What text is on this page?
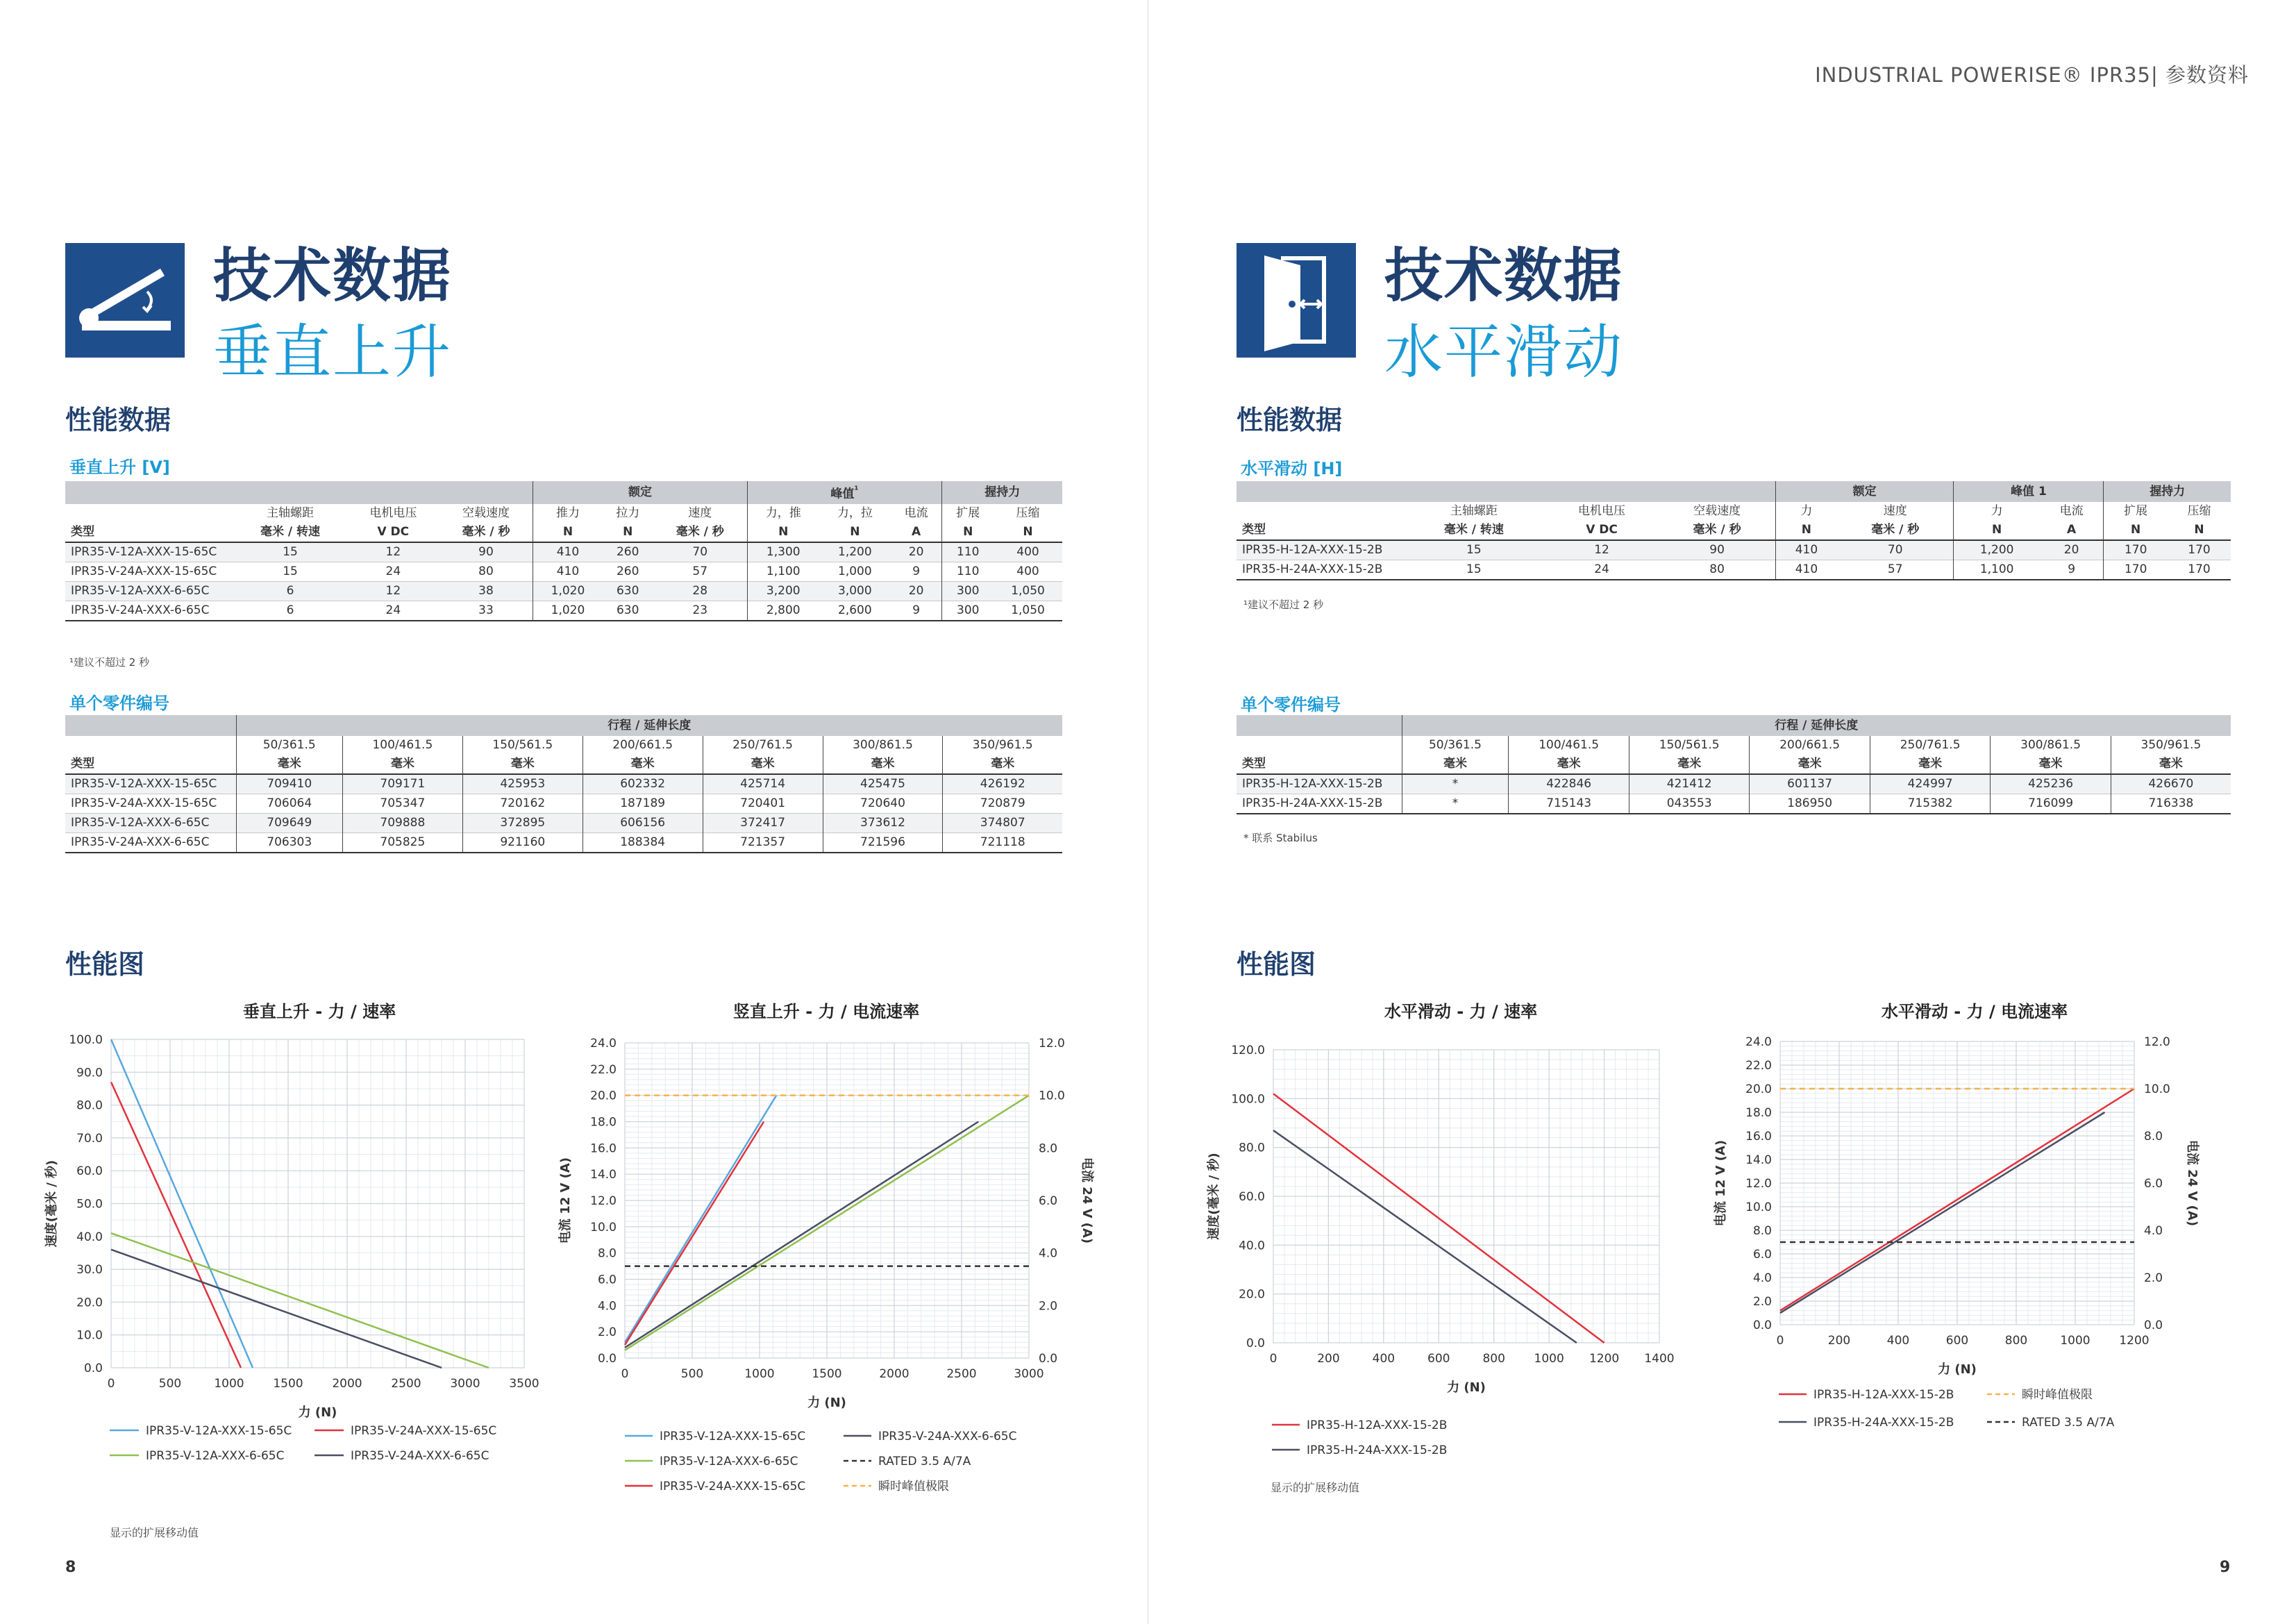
技术数据
垂直上升
性能数据
垂直上升 [V]
				额定			峰值$^{^1}$			握持力	
	主轴螺距	电机电压	空载速度	推力	拉力	速度	力，推	力，拉	电流	扩展	压缩
类型	毫米 / 转速	V DC	毫米 / 秒	N	N	毫米 / 秒	N	N	A	N	N
IPR35-V-12A-XXX-15-65C	15	12	90	410	260	70	1,300	1,200	20	110	400
IPR35-V-24A-XXX-15-65C	15	24	80	410	260	57	1,100	1,000	9	110	400
IPR35-V-12A-XXX-6-65C	6	12	38	1,020	630	28	3,200	3,000	20	300	1,050
IPR35-V-24A-XXX-6-65C	6	24	33	1,020	630	23	2,800	2,600	9	300	1,050
¹建议不超过 2 秒
单个零件编号
	行程 / 延伸长度						
	50/361.5	100/461.5	150/561.5	200/661.5	250/761.5	300/861.5	350/961.5
类型	毫米	毫米	毫米	毫米	毫米	毫米	毫米
IPR35-V-12A-XXX-15-65C	709410	709171	425953	602332	425714	425475	426192
IPR35-V-24A-XXX-15-65C	706064	705347	720162	187189	720401	720640	720879
IPR35-V-12A-XXX-6-65C	709649	709888	372895	606156	372417	373612	374807
IPR35-V-24A-XXX-6-65C	706303	705825	921160	188384	721357	721596	721118
性能图
垂直上升 - 力 / 速率
0	500	1000 1500 2000 2500 3000 3500
0.0
10.0
20.0
30.0
40.0
50.0
60.0
70.0
80.0
90.0
100.0
力 (N)
速度(毫米 / 秒)
IPR35-V-12A-XXX-15-65C	IPR35-V-24A-XXX-15-65C
IPR35-V-12A-XXX-6-65C	IPR35-V-24A-XXX-6-65C
竖直上升 - 力 / 电流速率
0	500	1000	1500	2000	2500	3000
0.0
2.0
4.0
6.0
8.0
10.0
12.0
14.0
16.0
18.0
20.0
22.0
24.0
0.0
2.0
4.0
6.0
8.0
10.0
12.0
力 (N)
电流 12 V (A)	电流 24 V (A)
IPR35-V-12A-XXX-15-65C	IPR35-V-24A-XXX-6-65C
IPR35-V-12A-XXX-6-65C	RATED 3.5 A/7A
IPR35-V-24A-XXX-15-65C	瞬时峰值极限
显示的扩展移动值
8
INDUSTRIAL POWERISE® IPR35| 参数资料
技术数据
水平滑动
性能数据
水平滑动 [H]
				额定		峰值 1		握持力	
	主轴螺距	电机电压	空载速度	力	速度	力	电流	扩展	压缩
类型	毫米 / 转速	V DC	毫米 / 秒	N	毫米 / 秒	N	A	N	N
IPR35-H-12A-XXX-15-2B	15	12	90	410	70	1,200	20	170	170
IPR35-H-24A-XXX-15-2B	15	24	80	410	57	1,100	9	170	170
¹建议不超过 2 秒
单个零件编号
	行程 / 延伸长度						
	50/361.5	100/461.5	150/561.5	200/661.5	250/761.5	300/861.5	350/961.5
类型	毫米	毫米	毫米	毫米	毫米	毫米	毫米
IPR35-H-12A-XXX-15-2B	*	422846	421412	601137	424997	425236	426670
IPR35-H-24A-XXX-15-2B	*	715143	043553	186950	715382	716099	716338
* 联系 Stabilus
性能图
水平滑动 - 力 / 速率
0	200	400	600	800 1000 1200 1400
0.0
20.0
40.0
60.0
80.0
100.0
120.0
力 (N)
速度(毫米 / 秒)
IPR35-H-12A-XXX-15-2B
IPR35-H-24A-XXX-15-2B
水平滑动 - 力 / 电流速率
0	200	400	600	800	1000 1200
0.0
2.0
4.0
6.0
8.0
10.0
12.0
14.0
16.0
18.0
20.0
22.0
24.0
0.0
2.0
4.0
6.0
8.0
10.0
12.0
力 (N)
电流 12 V (A)	电流 24 V (A)
IPR35-H-12A-XXX-15-2B	瞬时峰值极限
IPR35-H-24A-XXX-15-2B	RATED 3.5 A/7A
显示的扩展移动值
9
